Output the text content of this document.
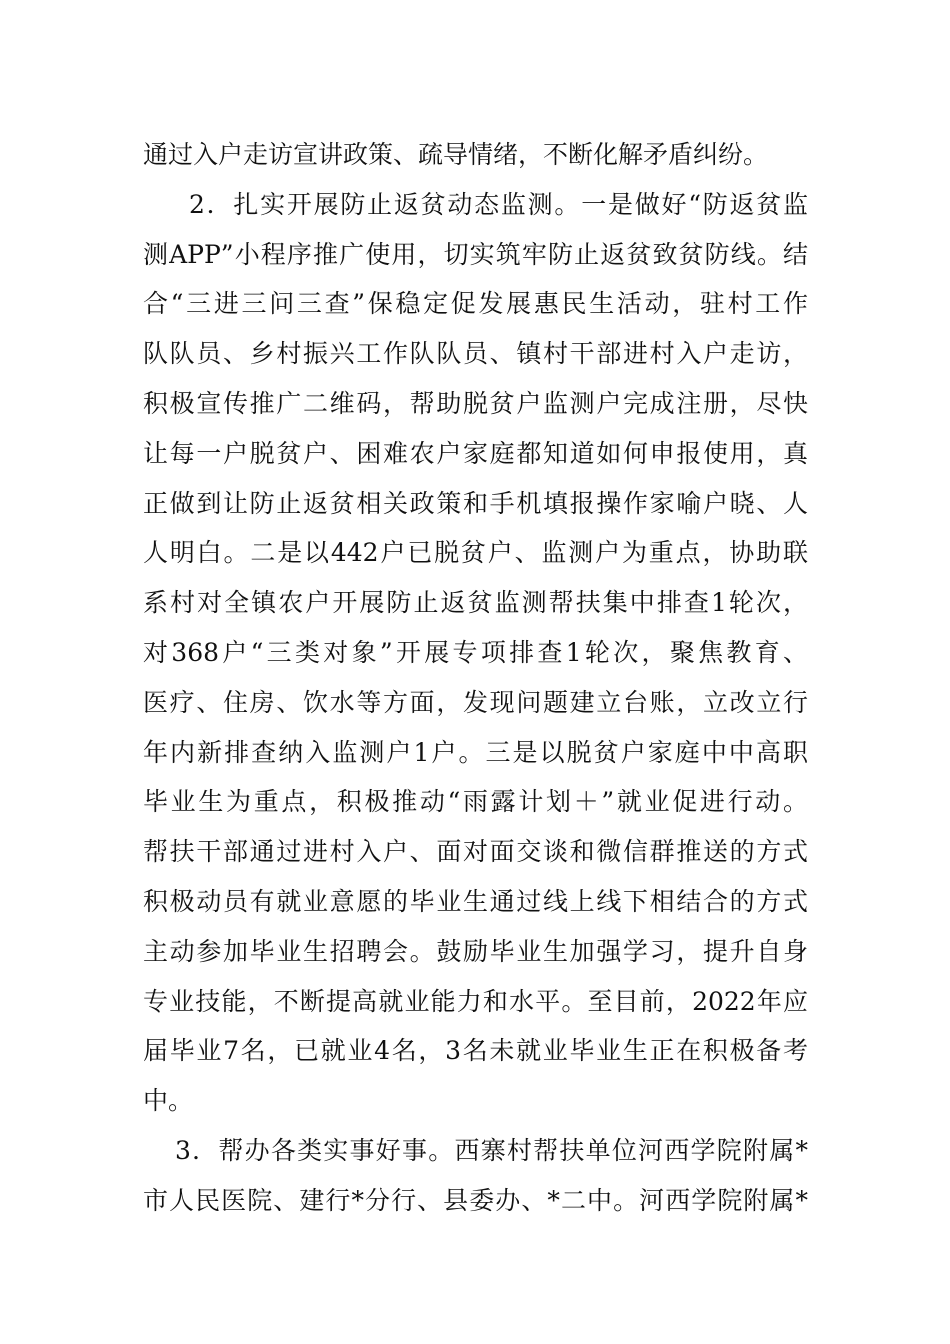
通过入户走访宣讲政策、疏导情绪，不断化解矛盾纠纷。
2．扎实开展防止返贫动态监测。一是做好“防返贫监
测APP”小程序推广使用，切实筑牢防止返贫致贫防线。结
合“三进三问三查”保稳定促发展惠民生活动，驻村工作
队队员、乡村振兴工作队队员、镇村干部进村入户走访，
积极宣传推广二维码，帮助脱贫户监测户完成注册，尽快
让每一户脱贫户、困难农户家庭都知道如何申报使用，真
正做到让防止返贫相关政策和手机填报操作家喻户晓、人
人明白。二是以442户已脱贫户、监测户为重点，协助联
系村对全镇农户开展防止返贫监测帮扶集中排查1轮次，
对368户“三类对象”开展专项排查1轮次，聚焦教育、
医疗、住房、饮水等方面，发现问题建立台账，立改立行
年内新排查纳入监测户1户。三是以脱贫户家庭中中高职
毕业生为重点，积极推动“雨露计划＋”就业促进行动。
帮扶干部通过进村入户、面对面交谈和微信群推送的方式
积极动员有就业意愿的毕业生通过线上线下相结合的方式
主动参加毕业生招聘会。鼓励毕业生加强学习，提升自身
专业技能，不断提高就业能力和水平。至目前，2022年应
届毕业7名，已就业4名，3名未就业毕业生正在积极备考
中。
3．帮办各类实事好事。西寨村帮扶单位河西学院附属*
市人民医院、建行*分行、县委办、*二中。河西学院附属*
